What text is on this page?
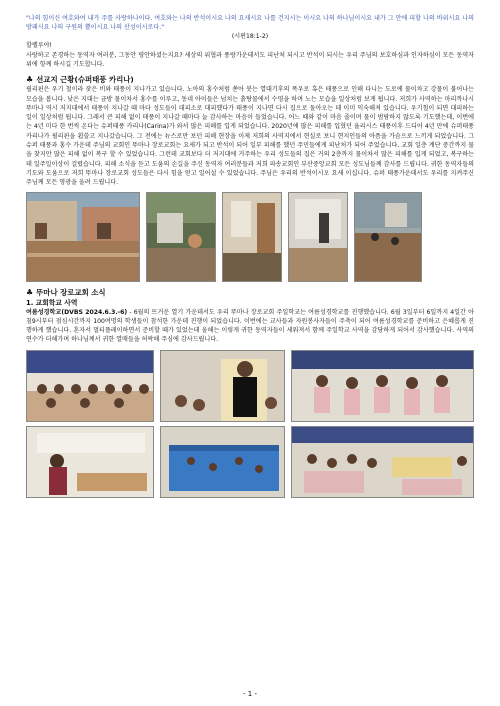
"나의 힘이신 여호와여 내가 주를 사랑하나이다. 여호와는 나의 반석이시요 나의 요새시요 나를 건지시는 이시요 나의 하나님이시요 내가 그 안에 피할 나의 바위시요 나의 방패시요 나의 구원의 뿔이시요 나의 산성이시로다."
(시편18:1-2)

할렐루야!

사랑하고 존경하는 동역자 여러분, 그동안 평안하셨는지요? 세상의 위협과 풍랑가운데서도 피난처 되시고 반석이 되시는 우리 주님의 보호하심과 인자하심이 모든 동역자위에 항께 하시길 기도합니다.

♣ 선교지 근황(슈퍼태풍 카리나)

필리핀은 우기 철이라 잦은 비와 태풍이 지나가고 있습니다. 노아의 홍수처럼 쏟아 붓는 열대기후의 폭우로 혹은 태풍으로 인해 다니는 도로에 물이차고 강물이 불어나는 모습을 봅니다. 낮은 지대는 금방 물이차서 홍수를 이루고, 동네 아이들은 넘치는 흙탕물에서 수영을 하며 노는 모습을 일상처럼 보게 됩니다. 저희가 사역하는 마리까나시 뚜마나 역시 저지대에서 태풍이 지나갈 때 마다 성도들이 대피소로 대피했다가 태풍이 지나면 다시 집으로 돌아오는 데 이미 익숙해져 있습니다. 우기철이 되면 대피하는 일이 일상처럼 됩니다. 그래서 큰 피해 없이 태풍이 지나갈 때마다 늘 감사하는 마음이 들었습니다. 어느 때와 같이 마음 졸이며 물이 범람하지 않도록 기도했는데, 이번에는 4년 미다 한 번씩 온다는 슈퍼태풍 카리나(Carina)가 와서 많은 피해를 입게 되었습니다. 2020년에 많은 피해를 입혔던 율리시스 태풍이후 드디어 4년 만에 슈퍼태풍 카리나가 필리핀을 휩쓸고 지나갔습니다. 그 전에는 뉴스로만 보던 피해 현장을 이제 저희의 사역지에서 현실로 보니 현지인들의 아픔을 가슴으로 느끼게 되었습니다. 그 슈퍼 태풍과 홍수 가운데 주님의 교회인 뚜마나 장로교회는 요새가 되고 반석이 되어 일부 피해를 했던 주민들에게 피난처가 되어 주었습니다. 교회 일층 계단 중간까지 물을 찾지만 많은 피해 없이 복구 할 수 있었습니다. 그런데 교회보다 더 저지대에 거주하는 우리 성도들의 집은 거의 2층까지 물이차서 많은 피해를 입게 되었고, 복구하는데 일주일이상이 걸렸습니다. 피해 소식을 듣고 도움의 손길을 주신 동역자 여러분들과 저희 파송교회인 부산중앙교회 모든 성도님들께 감사를 드립니다. 귀한 동역자들의 기도와 도움으로 저희 뚜마나 장로교회 성도들은 다시 힘을 얻고 일어설 수 있었습니다. 주님은 우리의 반석이시오 요새 이십니다. 슈퍼 태풍가운데서도 우리를 지켜주신 주님께 모든 영광을 올려 드립니다.

♣ 뚜마나 장로교회 소식
1. 교회학교 사역

여름성경학교(DVBS 2024.6.3.-6) - 6월의 뜨거운 열기 가운데서도 우리 뚜마나 장로교회 주일학교는 여름성경학교를 진행했습니다. 6월 3일부터 6일까지 4일간 아침9시부터 점심시간까지 100여명의 학생들이 참석한 가운데 진행이 되었습니다. 이번에는 교사들과 자원봉사자들이 주축이 되어 여름성경학교를 준비하고 은혜롭게 진행하게 했습니다. 혼자서 멀티플레이하면서 준비할 때가 있었는데 올해는 이렇게 귀한 동역자들이 세워져서 함께 주일학교 사역을 감당하게 되어서 감사했습니다. 사역의 연수가 더해가며 하나님께서 귀한 열매들을 허락해 주심에 감사드립니다.

- 1 -
